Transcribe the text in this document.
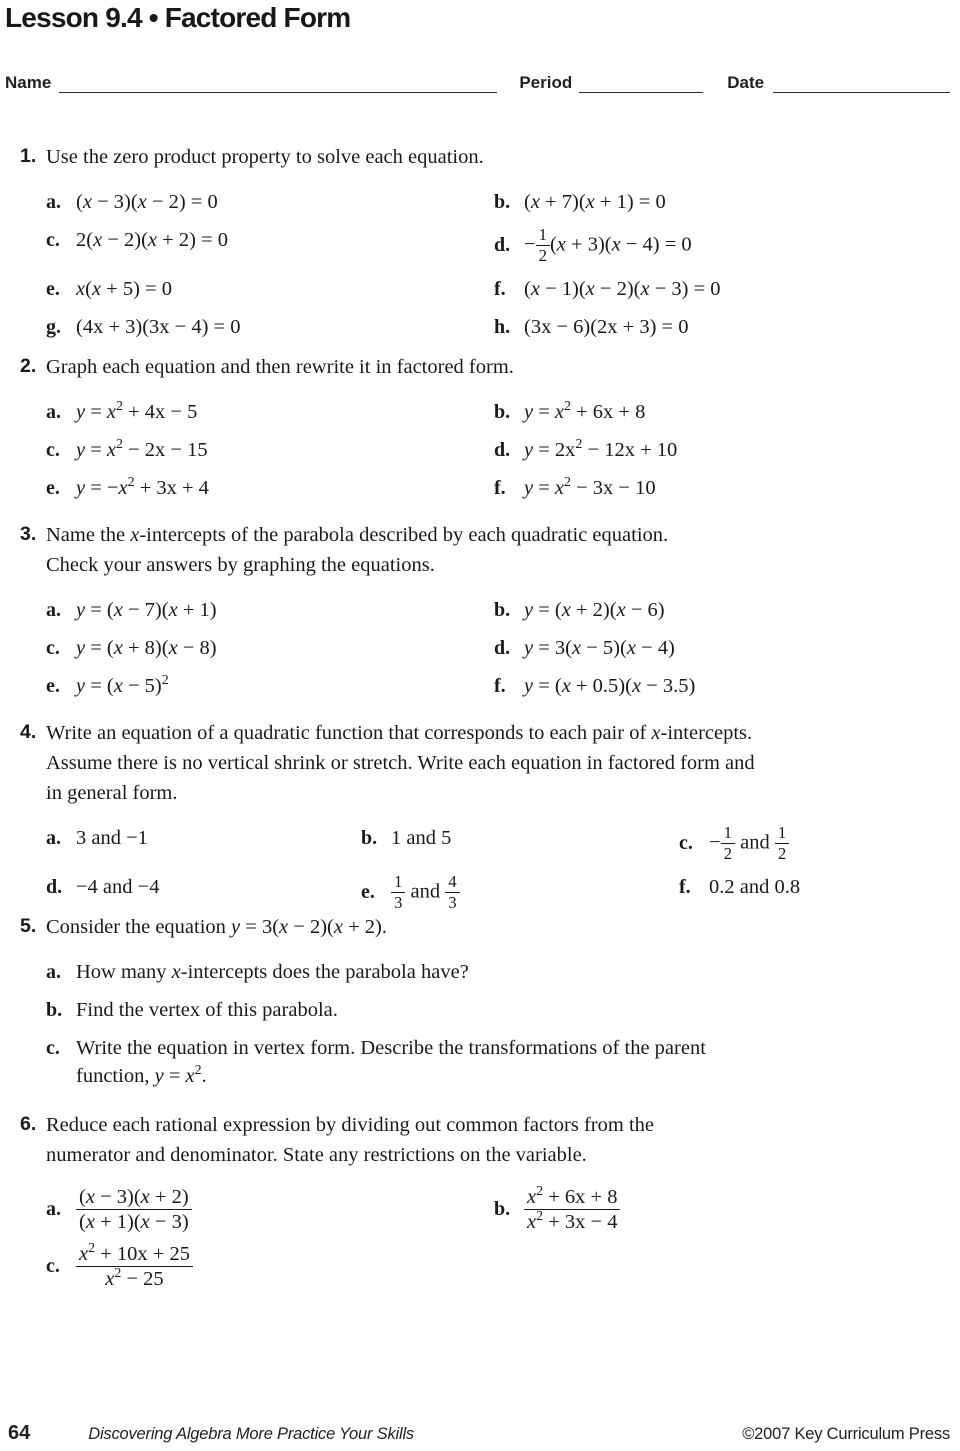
Lesson 9.4 • Factored Form
Name	Period	Date
1. Use the zero product property to solve each equation.

a. (x − 3)(x − 2) = 0	b. (x + 7)(x + 1) = 0
c. 2(x − 2)(x + 2) = 0	d. − $\frac{1}{2} (x + 3)(x - 4) = 0$
e. x(x + 5) = 0	f. (x − 1)(x − 2)(x − 3) = 0
g. (4x + 3)(3x − 4) = 0	h. (3x − 6)(2x + 3) = 0
2. Graph each equation and then rewrite it in factored form.

a. $y = x^2 + 4x - 5$	b. $y = x^2 + 6x + 8$
c. $y = x^2 - 2x - 15$	d. $y = 2x^2 - 12x + 10$
e. $y = -x^2 + 3x + 4$	f. $y = x^2 - 3x - 10$
3. Name the x-intercepts of the parabola described by each quadratic equation. Check your answers by graphing the equations.

a. y = (x − 7)(x + 1)	b. y = (x + 2)(x − 6)
c. y = (x + 8)(x − 8)	d. y = 3(x − 5)(x − 4)
e. $y = (x - 5)^2$	f. y = (x + 0.5)(x − 3.5)
4. Write an equation of a quadratic function that corresponds to each pair of x-intercepts. Assume there is no vertical shrink or stretch. Write each equation in factored form and in general form.

a. 3 and −1	b. 1 and 5	c. − $\frac{1}{2}$ and $\frac{1}{2}$
d. −4 and −4	e. $\frac{1}{3}$ and $\frac{4}{3}$	f. 0.2 and 0.8
5. Consider the equation y = 3(x − 2)(x + 2).

a. How many x-intercepts does the parabola have?
b. Find the vertex of this parabola.
c. Write the equation in vertex form. Describe the transformations of the parent function, $y = x^2$.
6. Reduce each rational expression by dividing out common factors from the numerator and denominator. State any restrictions on the variable.

a. $\frac{(x - 3)(x + 2)}{(x + 1)(x - 3)}$	b. $\frac{x^2 + 6x + 8}{x^2 + 3x - 4}$
c. $\frac{x^2 + 10x + 25}{x^2 - 25}$
64	Discovering Algebra More Practice Your Skills	©2007 Key Curriculum Press
